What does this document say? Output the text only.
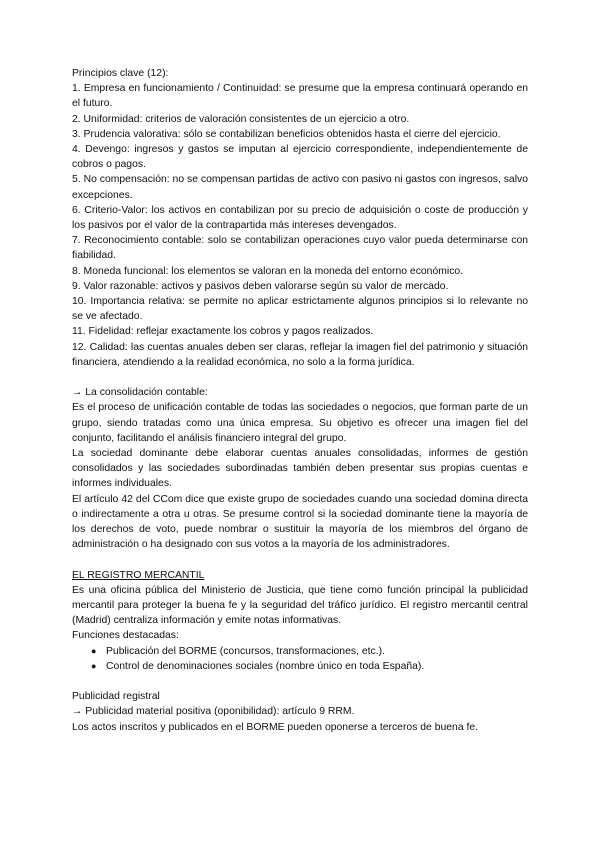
Principios clave (12):

1. Empresa en funcionamiento / Continuidad: se presume que la empresa continuará operando en el futuro.

2. Uniformidad: criterios de valoración consistentes de un ejercicio a otro.

3. Prudencia valorativa: sólo se contabilizan beneficios obtenidos hasta el cierre del ejercicio.

4. Devengo: ingresos y gastos se imputan al ejercicio correspondiente, independientemente de cobros o pagos.

5. No compensación: no se compensan partidas de activo con pasivo ni gastos con ingresos, salvo excepciones.

6. Criterio-Valor: los activos en contabilizan por su precio de adquisición o coste de producción y los pasivos por el valor de la contrapartida más intereses devengados.

7. Reconocimiento contable: solo se contabilizan operaciones cuyo valor pueda determinarse con fiabilidad.

8. Moneda funcional: los elementos se valoran en la moneda del entorno económico.

9. Valor razonable: activos y pasivos deben valorarse según su valor de mercado.

10. Importancia relativa: se permite no aplicar estrictamente algunos principios si lo relevante no se ve afectado.

11. Fidelidad: reflejar exactamente los cobros y pagos realizados.

12. Calidad: las cuentas anuales deben ser claras, reflejar la imagen fiel del patrimonio y situación financiera, atendiendo a la realidad económica, no solo a la forma jurídica.

→ La consolidación contable:

Es el proceso de unificación contable de todas las sociedades o negocios, que forman parte de un grupo, siendo tratadas como una única empresa. Su objetivo es ofrecer una imagen fiel del conjunto, facilitando el análisis financiero integral del grupo.

La sociedad dominante debe elaborar cuentas anuales consolidadas, informes de gestión consolidados y las sociedades subordinadas también deben presentar sus propias cuentas e informes individuales.

El artículo 42 del CCom dice que existe grupo de sociedades cuando una sociedad domina directa o indirectamente a otra u otras. Se presume control si la sociedad dominante tiene la mayoría de los derechos de voto, puede nombrar o sustituir la mayoría de los miembros del órgano de administración o ha designado con sus votos a la mayoría de los administradores.

EL REGISTRO MERCANTIL

Es una oficina pública del Ministerio de Justicia, que tiene como función principal la publicidad mercantil para proteger la buena fe y la seguridad del tráfico jurídico. El registro mercantil central (Madrid) centraliza información y emite notas informativas.

Funciones destacadas:

● Publicación del BORME (concursos, transformaciones, etc.).
● Control de denominaciones sociales (nombre único en toda España).

Publicidad registral

→ Publicidad material positiva (oponibilidad): artículo 9 RRM.

Los actos inscritos y publicados en el BORME pueden oponerse a terceros de buena fe.
